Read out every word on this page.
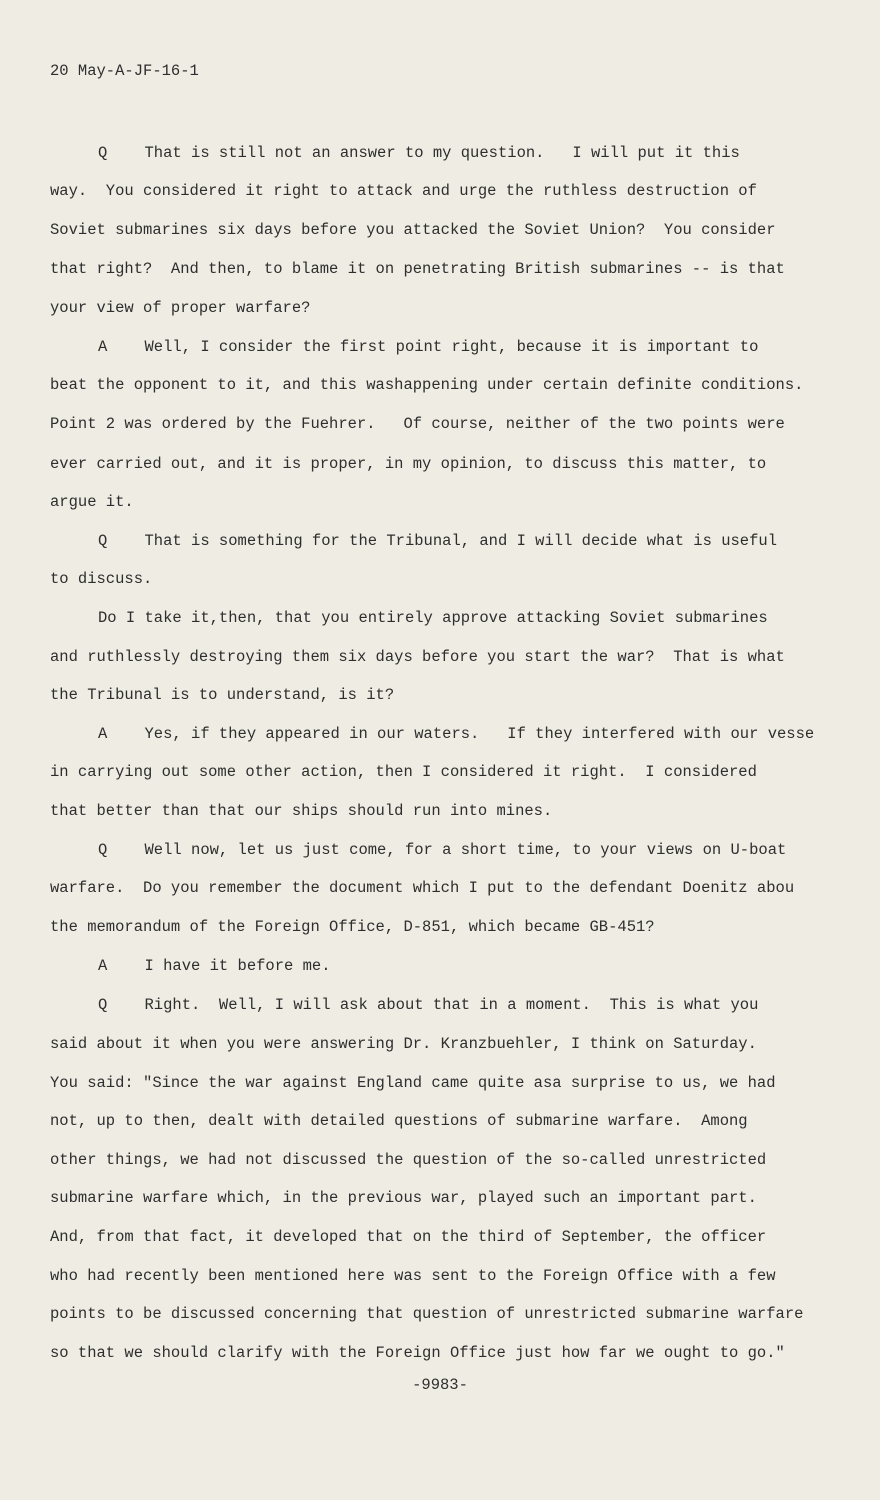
20 May-A-JF-16-1
Q    That is still not an answer to my question.   I will put it this
way.  You considered it right to attack and urge the ruthless destruction of
Soviet submarines six days before you attacked the Soviet Union?  You consider
that right?  And then, to blame it on penetrating British submarines -- is that
your view of proper warfare?
A    Well, I consider the first point right, because it is important to
beat the opponent to it, and this washappening under certain definite conditions.
Point 2 was ordered by the Fuehrer.   Of course, neither of the two points were
ever carried out, and it is proper, in my opinion, to discuss this matter, to
argue it.
Q    That is something for the Tribunal, and I will decide what is useful
to discuss.
Do I take it,then, that you entirely approve attacking Soviet submarines
and ruthlessly destroying them six days before you start the war?  That is what
the Tribunal is to understand, is it?
A    Yes, if they appeared in our waters.   If they interfered with our vesse
in carrying out some other action, then I considered it right.  I considered
that better than that our ships should run into mines.
Q    Well now, let us just come, for a short time, to your views on U-boat
warfare.  Do you remember the document which I put to the defendant Doenitz abou
the memorandum of the Foreign Office, D-851, which became GB-451?
A    I have it before me.
Q    Right.  Well, I will ask about that in a moment.  This is what you
said about it when you were answering Dr. Kranzbuehler, I think on Saturday.
You said: "Since the war against England came quite asa surprise to us, we had
not, up to then, dealt with detailed questions of submarine warfare.  Among
other things, we had not discussed the question of the so-called unrestricted
submarine warfare which, in the previous war, played such an important part.
And, from that fact, it developed that on the third of September, the officer
who had recently been mentioned here was sent to the Foreign Office with a few
points to be discussed concerning that question of unrestricted submarine warfare
so that we should clarify with the Foreign Office just how far we ought to go."
-9983-
